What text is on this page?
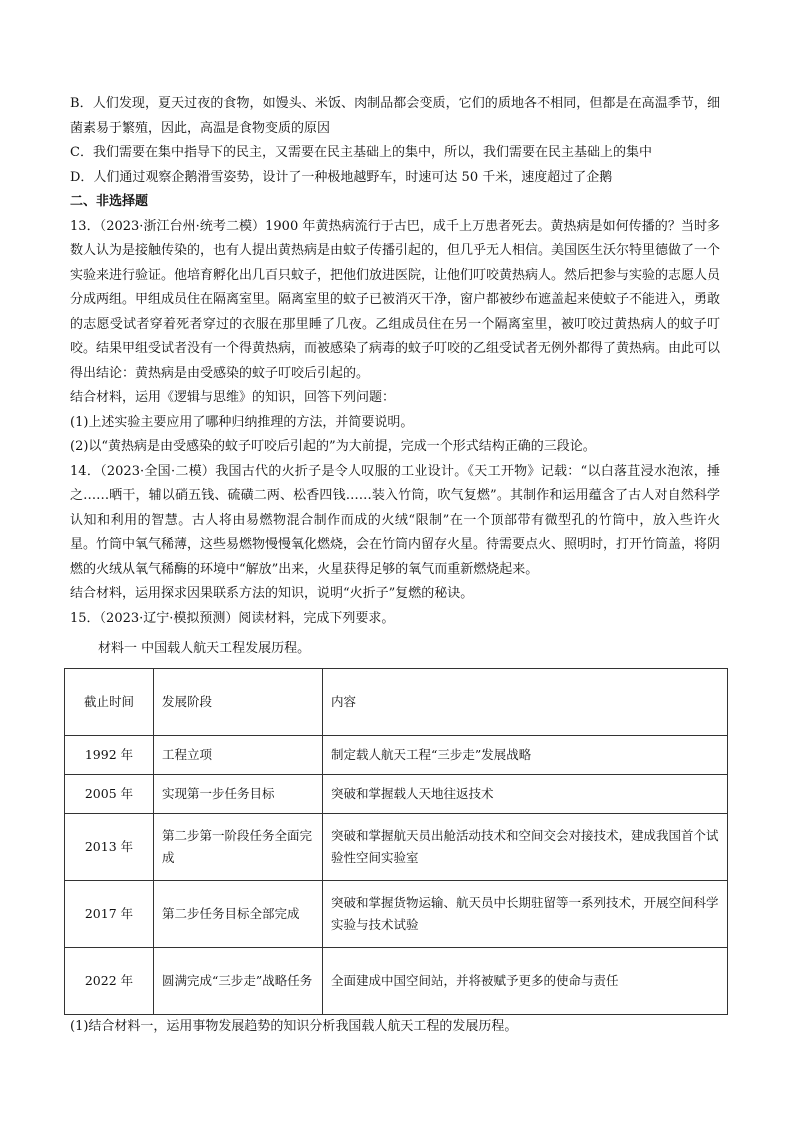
B．人们发现，夏天过夜的食物，如馒头、米饭、肉制品都会变质，它们的质地各不相同，但都是在高温季节，细菌素易于繁殖，因此，高温是食物变质的原因

C．我们需要在集中指导下的民主，又需要在民主基础上的集中，所以，我们需要在民主基础上的集中

D．人们通过观察企鹅滑雪姿势，设计了一种极地越野车，时速可达 50 千米，速度超过了企鹅

二、非选择题

13．（2023·浙江台州·统考二模）1900 年黄热病流行于古巴，成千上万患者死去。黄热病是如何传播的？当时多数人认为是接触传染的，也有人提出黄热病是由蚊子传播引起的，但几乎无人相信。美国医生沃尔特里德做了一个实验来进行验证。他培育孵化出几百只蚊子，把他们放进医院，让他们叮咬黄热病人。然后把参与实验的志愿人员分成两组。甲组成员住在隔离室里。隔离室里的蚊子已被消灭干净，窗户都被纱布遮盖起来使蚊子不能进入，勇敢的志愿受试者穿着死者穿过的衣服在那里睡了几夜。乙组成员住在另一个隔离室里，被叮咬过黄热病人的蚊子叮咬。结果甲组受试者没有一个得黄热病，而被感染了病毒的蚊子叮咬的乙组受试者无例外都得了黄热病。由此可以得出结论：黄热病是由受感染的蚊子叮咬后引起的。

结合材料，运用《逻辑与思维》的知识，回答下列问题：

(1)上述实验主要应用了哪种归纳推理的方法，并简要说明。

(2)以“黄热病是由受感染的蚊子叮咬后引起的”为大前提，完成一个形式结构正确的三段论。

14．（2023·全国·二模）我国古代的火折子是令人叹服的工业设计。《天工开物》记载：“以白落苴浸水泡浓，捶之……晒干，辅以硝五钱、硫磺二两、松香四钱……装入竹筒，吹气复燃”。其制作和运用蕴含了古人对自然科学认知和利用的智慧。古人将由易燃物混合制作而成的火绒“限制”在一个顶部带有微型孔的竹筒中，放入些许火星。竹筒中氧气稀薄，这些易燃物慢慢氧化燃烧，会在竹筒内留存火星。待需要点火、照明时，打开竹筒盖，将阴燃的火绒从氧气稀酶的环境中“解放”出来，火星获得足够的氧气而重新燃烧起来。

结合材料，运用探求因果联系方法的知识，说明“火折子”复燃的秘诀。

15．（2023·辽宁·模拟预测）阅读材料，完成下列要求。

材料一 中国载人航天工程发展历程。

截止时间	发展阶段	内容
1992 年	工程立项	制定载人航天工程“三步走”发展战略
2005 年	实现第一步任务目标	突破和掌握载人天地往返技术
2013 年	第二步第一阶段任务全面完成	突破和掌握航天员出舱活动技术和空间交会对接技术，建成我国首个试验性空间实验室
2017 年	第二步任务目标全部完成	突破和掌握货物运输、航天员中长期驻留等一系列技术，开展空间科学实验与技术试验
2022 年	圆满完成“三步走”战略任务	全面建成中国空间站，并将被赋予更多的使命与责任

(1)结合材料一，运用事物发展趋势的知识分析我国载人航天工程的发展历程。
